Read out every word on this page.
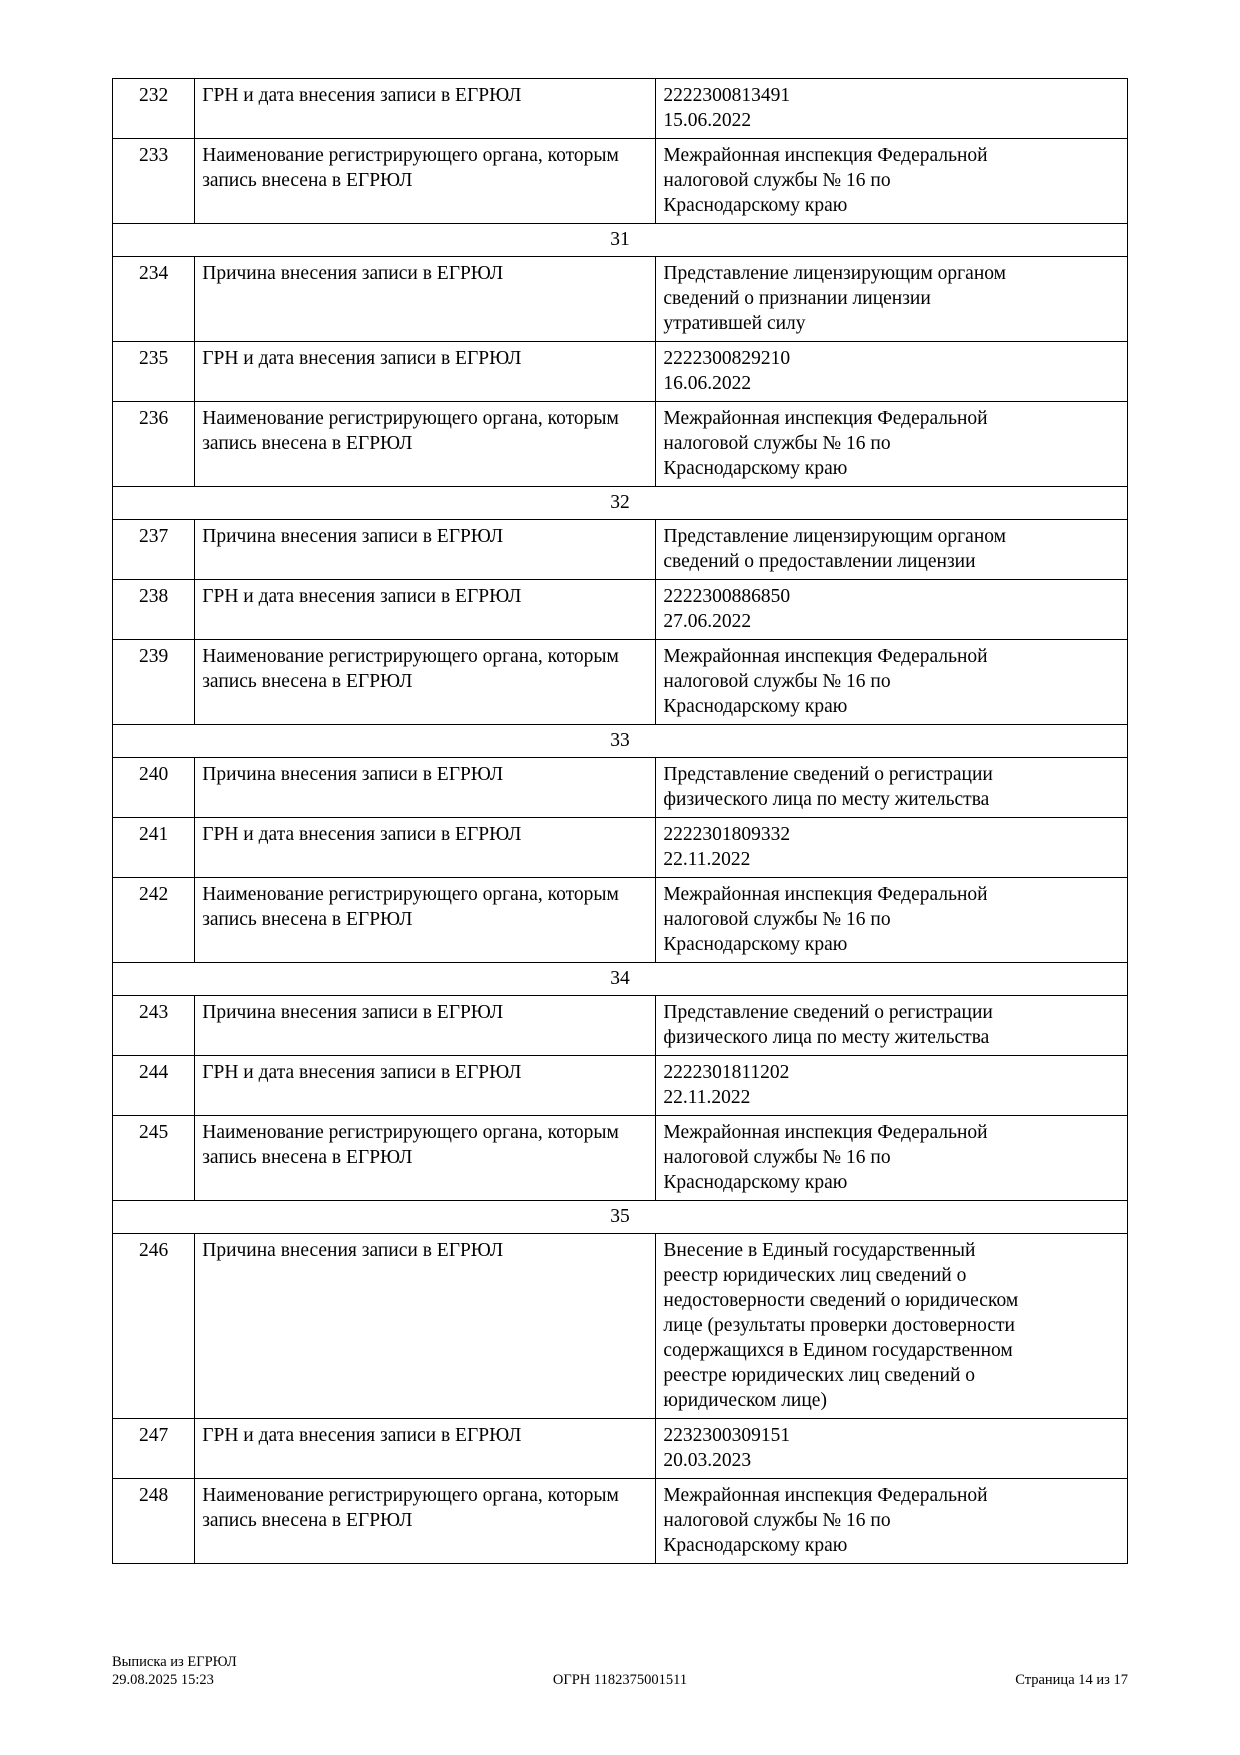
232	ГРН и дата внесения записи в ЕГРЮЛ	2222300813491
15.06.2022

233	Наименование регистрирующего органа, которым запись внесена в ЕГРЮЛ	Межрайонная инспекция Федеральной
налоговой службы № 16 по
Краснодарскому краю

31		
234	Причина внесения записи в ЕГРЮЛ	Представление лицензирующим органом
сведений о признании лицензии
утратившей силу

235	ГРН и дата внесения записи в ЕГРЮЛ	2222300829210
16.06.2022

236	Наименование регистрирующего органа, которым запись внесена в ЕГРЮЛ	Межрайонная инспекция Федеральной
налоговой службы № 16 по
Краснодарскому краю

32		
237	Причина внесения записи в ЕГРЮЛ	Представление лицензирующим органом
сведений о предоставлении лицензии

238	ГРН и дата внесения записи в ЕГРЮЛ	2222300886850
27.06.2022

239	Наименование регистрирующего органа, которым запись внесена в ЕГРЮЛ	Межрайонная инспекция Федеральной
налоговой службы № 16 по
Краснодарскому краю

33		
240	Причина внесения записи в ЕГРЮЛ	Представление сведений о регистрации
физического лица по месту жительства

241	ГРН и дата внесения записи в ЕГРЮЛ	2222301809332
22.11.2022

242	Наименование регистрирующего органа, которым запись внесена в ЕГРЮЛ	Межрайонная инспекция Федеральной
налоговой службы № 16 по
Краснодарскому краю

34		
243	Причина внесения записи в ЕГРЮЛ	Представление сведений о регистрации
физического лица по месту жительства

244	ГРН и дата внесения записи в ЕГРЮЛ	2222301811202
22.11.2022

245	Наименование регистрирующего органа, которым запись внесена в ЕГРЮЛ	Межрайонная инспекция Федеральной
налоговой службы № 16 по
Краснодарскому краю

35		
246	Причина внесения записи в ЕГРЮЛ	Внесение в Единый государственный
реестр юридических лиц сведений о
недостоверности сведений о юридическом
лице (результаты проверки достоверности
содержащихся в Едином государственном
реестре юридических лиц сведений о
юридическом лице)

247	ГРН и дата внесения записи в ЕГРЮЛ	2232300309151
20.03.2023

248	Наименование регистрирующего органа, которым запись внесена в ЕГРЮЛ	Межрайонная инспекция Федеральной
налоговой службы № 16 по
Краснодарскому краю
Выписка из ЕГРЮЛ
29.08.2025 15:23	ОГРН 1182375001511	Страница 14 из 17
